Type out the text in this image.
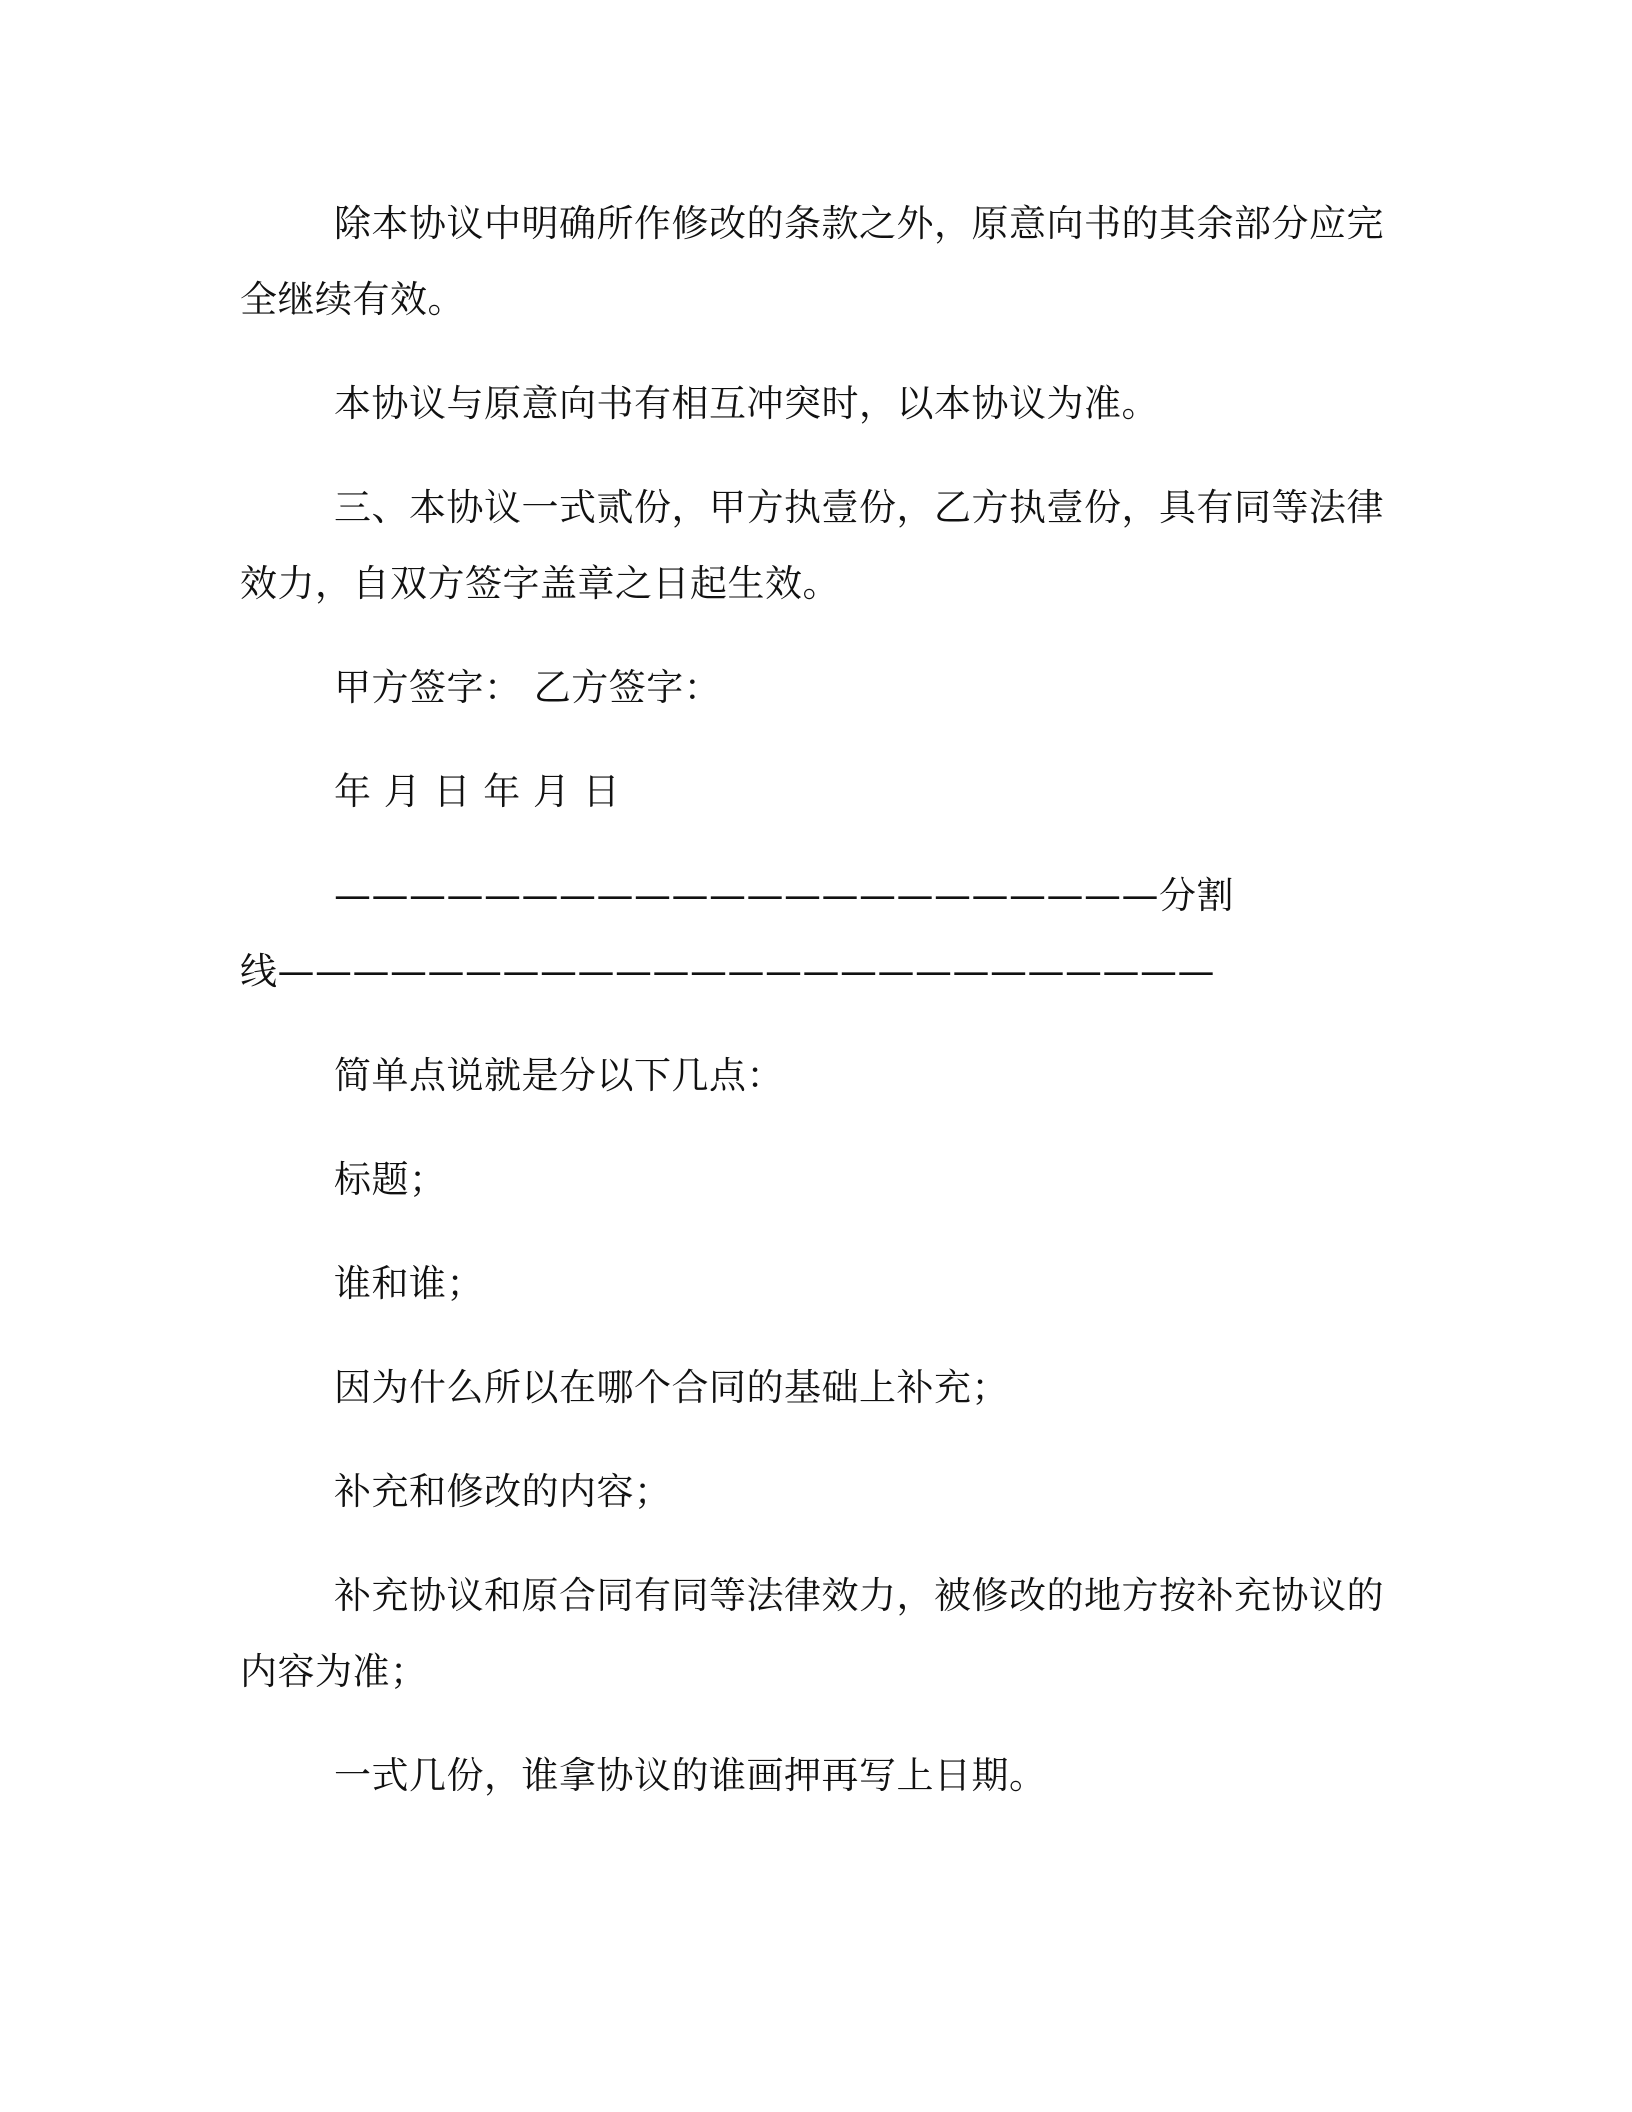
除本协议中明确所作修改的条款之外，原意向书的其余部分应完全继续有效。

本协议与原意向书有相互冲突时，以本协议为准。

三、本协议一式贰份，甲方执壹份，乙方执壹份，具有同等法律效力，自双方签字盖章之日起生效。

甲方签字： 乙方签字：

年 月 日 年 月 日

——————————————————————分割
线—————————————————————————

简单点说就是分以下几点：

标题；

谁和谁；

因为什么所以在哪个合同的基础上补充；

补充和修改的内容；

补充协议和原合同有同等法律效力，被修改的地方按补充协议的内容为准；

一式几份，谁拿协议的谁画押再写上日期。
